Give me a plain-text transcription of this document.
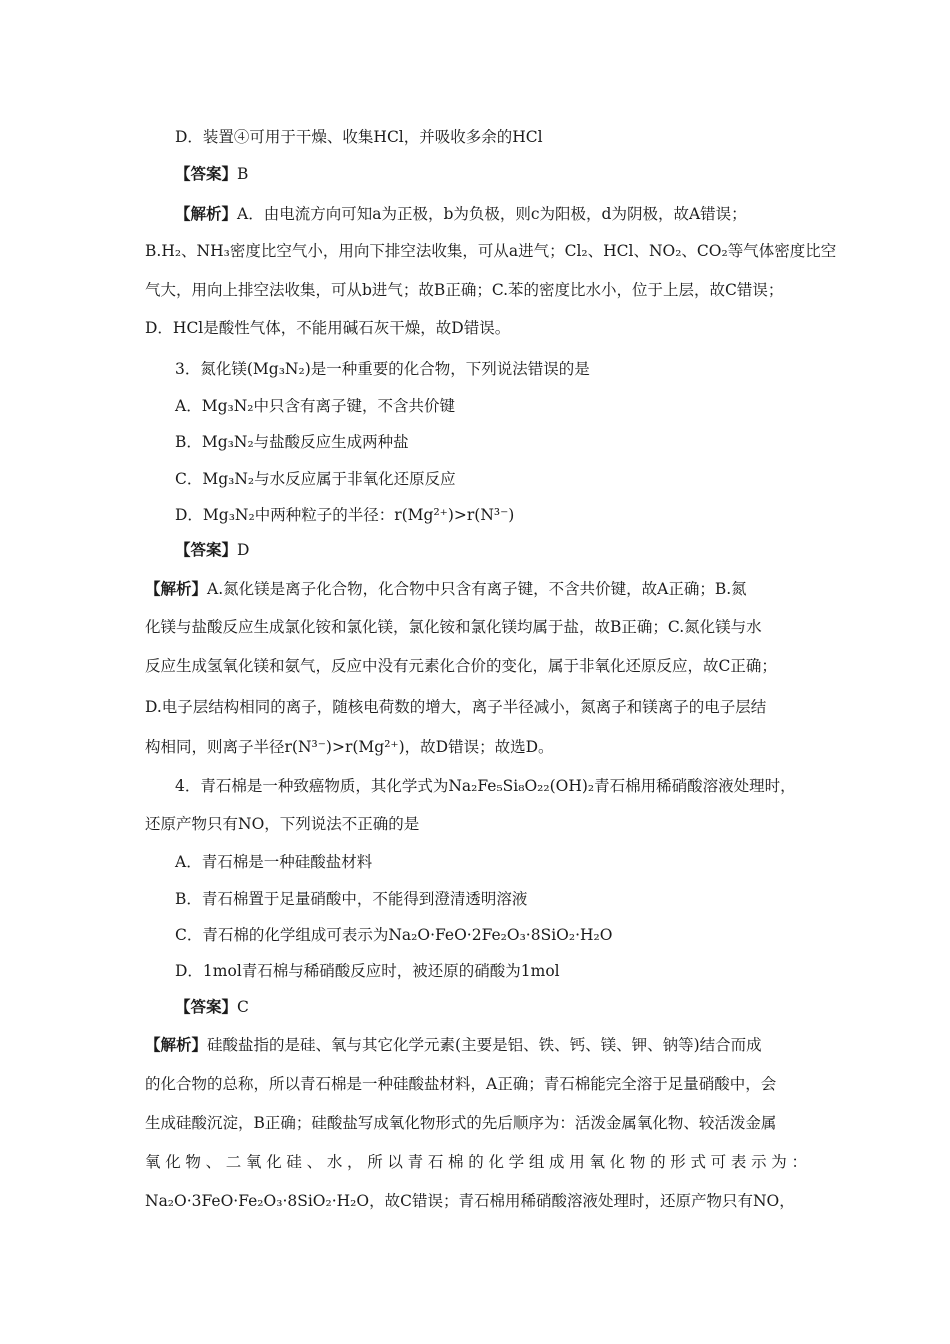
D．装置④可用于干燥、收集HCl，并吸收多余的HCl
【答案】B
【解析】A．由电流方向可知a为正极，b为负极，则c为阳极，d为阴极，故A错误；
B.H₂、NH₃密度比空气小，用向下排空法收集，可从a进气；Cl₂、HCl、NO₂、CO₂等气体密度比空
气大，用向上排空法收集，可从b进气；故B正确；C.苯的密度比水小，位于上层，故C错误；
D．HCl是酸性气体，不能用碱石灰干燥，故D错误。
3．氮化镁(Mg₃N₂)是一种重要的化合物，下列说法错误的是
A．Mg₃N₂中只含有离子键，不含共价键
B．Mg₃N₂与盐酸反应生成两种盐
C．Mg₃N₂与水反应属于非氧化还原反应
D．Mg₃N₂中两种粒子的半径：r(Mg²⁺)>r(N³⁻)
【答案】D
【解析】A.氮化镁是离子化合物，化合物中只含有离子键，不含共价键，故A正确；B.氮
化镁与盐酸反应生成氯化铵和氯化镁，氯化铵和氯化镁均属于盐，故B正确；C.氮化镁与水
反应生成氢氧化镁和氨气，反应中没有元素化合价的变化，属于非氧化还原反应，故C正确；
D.电子层结构相同的离子，随核电荷数的增大，离子半径减小，氮离子和镁离子的电子层结
构相同，则离子半径r(N³⁻)>r(Mg²⁺)，故D错误；故选D。
4．青石棉是一种致癌物质，其化学式为Na₂Fe₅Si₈O₂₂(OH)₂青石棉用稀硝酸溶液处理时，
还原产物只有NO，下列说法不正确的是
A．青石棉是一种硅酸盐材料
B．青石棉置于足量硝酸中，不能得到澄清透明溶液
C．青石棉的化学组成可表示为Na₂O·FeO·2Fe₂O₃·8SiO₂·H₂O
D．1mol青石棉与稀硝酸反应时，被还原的硝酸为1mol
【答案】C
【解析】硅酸盐指的是硅、氧与其它化学元素(主要是铝、铁、钙、镁、钾、钠等)结合而成
的化合物的总称，所以青石棉是一种硅酸盐材料，A正确；青石棉能完全溶于足量硝酸中，会
生成硅酸沉淀，B正确；硅酸盐写成氧化物形式的先后顺序为：活泼金属氧化物、较活泼金属
氧化物、二氧化硅、水，所以青石棉的化学组成用氧化物的形式可表示为：
Na₂O·3FeO·Fe₂O₃·8SiO₂·H₂O，故C错误；青石棉用稀硝酸溶液处理时，还原产物只有NO，
